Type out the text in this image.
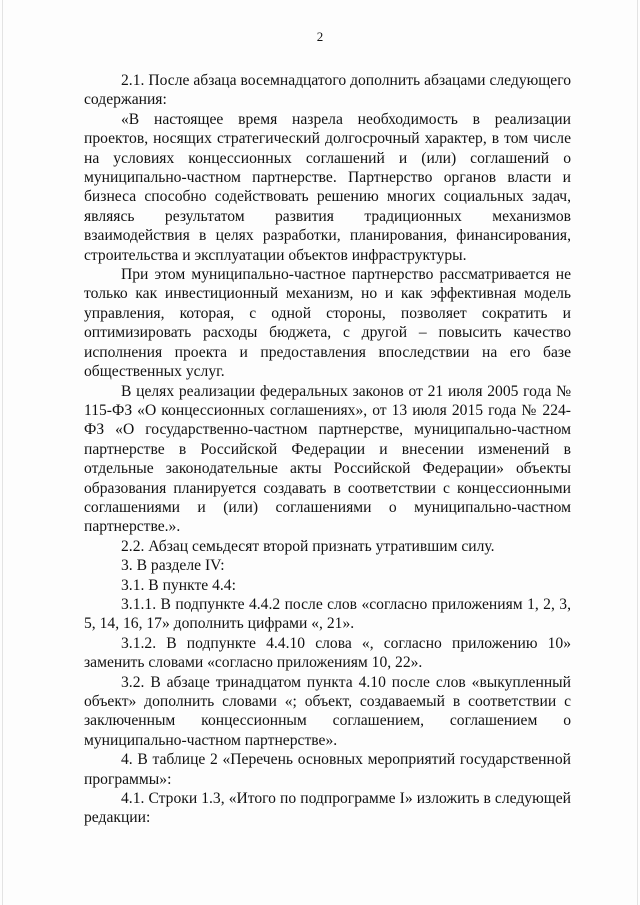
2

2.1. После абзаца восемнадцатого дополнить абзацами следующего содержания:

«В настоящее время назрела необходимость в реализации проектов, носящих стратегический долгосрочный характер, в том числе на условиях концессионных соглашений и (или) соглашений о муниципально-частном партнерстве. Партнерство органов власти и бизнеса способно содействовать решению многих социальных задач, являясь результатом развития традиционных механизмов взаимодействия в целях разработки, планирования, финансирования, строительства и эксплуатации объектов инфраструктуры.

При этом муниципально-частное партнерство рассматривается не только как инвестиционный механизм, но и как эффективная модель управления, которая, с одной стороны, позволяет сократить и оптимизировать расходы бюджета, с другой – повысить качество исполнения проекта и предоставления впоследствии на его базе общественных услуг.

В целях реализации федеральных законов от 21 июля 2005 года № 115-ФЗ «О концессионных соглашениях», от 13 июля 2015 года № 224-ФЗ «О государственно-частном партнерстве, муниципально-частном партнерстве в Российской Федерации и внесении изменений в отдельные законодательные акты Российской Федерации» объекты образования планируется создавать в соответствии с концессионными соглашениями и (или) соглашениями о муниципально-частном партнерстве.».

2.2. Абзац семьдесят второй признать утратившим силу.

3. В разделе IV:

3.1. В пункте 4.4:

3.1.1. В подпункте 4.4.2 после слов «согласно приложениям 1, 2, 3, 5, 14, 16, 17» дополнить цифрами «, 21».

3.1.2. В подпункте 4.4.10 слова «, согласно приложению 10» заменить словами «согласно приложениям 10, 22».

3.2. В абзаце тринадцатом пункта 4.10 после слов «выкупленный объект» дополнить словами «; объект, создаваемый в соответствии с заключенным концессионным соглашением, соглашением о муниципально-частном партнерстве».

4. В таблице 2 «Перечень основных мероприятий государственной программы»:

4.1. Строки 1.3, «Итого по подпрограмме I» изложить в следующей редакции:
